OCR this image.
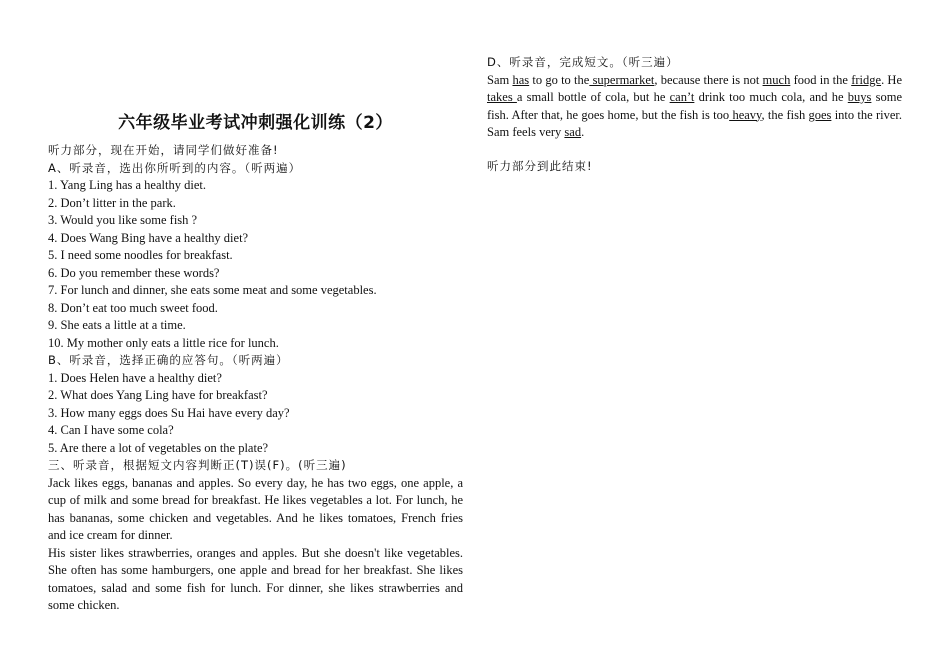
六年级毕业考试冲刺强化训练（2）
听力部分，现在开始，请同学们做好准备!
A、听录音，选出你所听到的内容。（听两遍）
1. Yang Ling has a healthy diet.
2. Don’t litter in the park.
3. Would you like some fish ?
4. Does Wang Bing have a healthy diet?
5. I need some noodles for breakfast.
6. Do you remember these words?
7. For lunch and dinner, she eats some meat and some vegetables.
8. Don’t eat too much sweet food.
9. She eats a little at a time.
10. My mother only eats a little rice for lunch.
B、听录音，选择正确的应答句。（听两遍）
1. Does Helen have a healthy diet?
2. What does Yang Ling have for breakfast?
3. How many eggs does Su Hai have every day?
4. Can I have some cola?
5. Are there a lot of vegetables on the plate?
三、听录音，根据短文内容判断正(T)误(F)。(听三遍)
Jack likes eggs, bananas and apples. So every day, he has two eggs, one apple, a cup of milk and some bread for breakfast. He likes vegetables a lot. For lunch, he has bananas, some chicken and vegetables. And he likes tomatoes, French fries and ice cream for dinner.
His sister likes strawberries, oranges and apples. But she doesn't like vegetables. She often has some hamburgers, one apple and bread for her breakfast. She likes tomatoes, salad and some fish for lunch. For dinner, she likes strawberries and some chicken.
D、听录音，完成短文。（听三遍）
Sam has to go to the supermarket, because there is not much food in the fridge. He takes a small bottle of cola, but he can’t drink too much cola, and he buys some fish. After that, he goes home, but the fish is too heavy, the fish goes into the river. Sam feels very sad.
听力部分到此结束!
